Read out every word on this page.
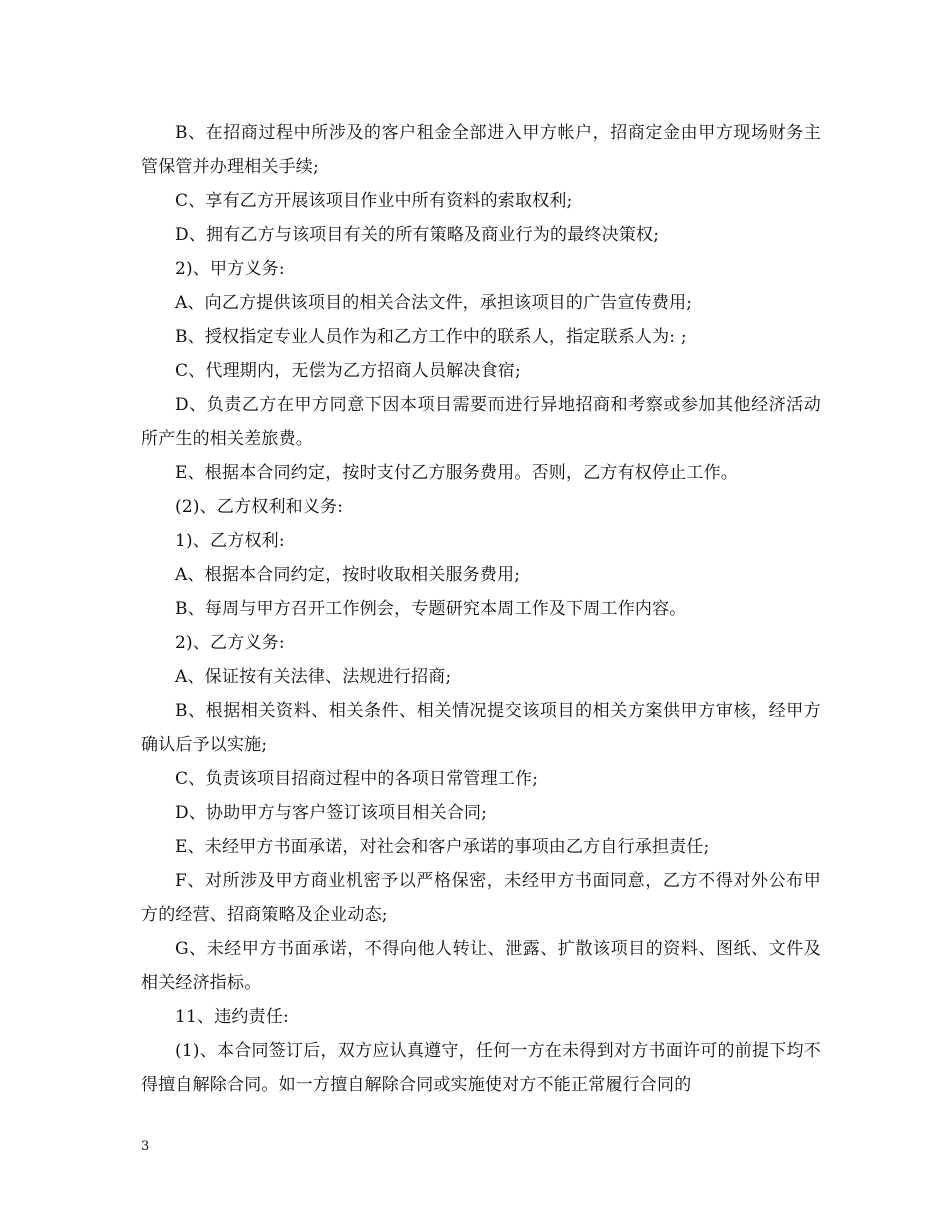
B、在招商过程中所涉及的客户租金全部进入甲方帐户，招商定金由甲方现场财务主管保管并办理相关手续;

C、享有乙方开展该项目作业中所有资料的索取权利;

D、拥有乙方与该项目有关的所有策略及商业行为的最终决策权;

2)、甲方义务:

A、向乙方提供该项目的相关合法文件，承担该项目的广告宣传费用;

B、授权指定专业人员作为和乙方工作中的联系人，指定联系人为: ;

C、代理期内，无偿为乙方招商人员解决食宿;

D、负责乙方在甲方同意下因本项目需要而进行异地招商和考察或参加其他经济活动所产生的相关差旅费。

E、根据本合同约定，按时支付乙方服务费用。否则，乙方有权停止工作。

(2)、乙方权利和义务:

1)、乙方权利:

A、根据本合同约定，按时收取相关服务费用;

B、每周与甲方召开工作例会，专题研究本周工作及下周工作内容。

2)、乙方义务:

A、保证按有关法律、法规进行招商;

B、根据相关资料、相关条件、相关情况提交该项目的相关方案供甲方审核，经甲方确认后予以实施;

C、负责该项目招商过程中的各项日常管理工作;

D、协助甲方与客户签订该项目相关合同;

E、未经甲方书面承诺，对社会和客户承诺的事项由乙方自行承担责任;

F、对所涉及甲方商业机密予以严格保密，未经甲方书面同意，乙方不得对外公布甲方的经营、招商策略及企业动态;

G、未经甲方书面承诺，不得向他人转让、泄露、扩散该项目的资料、图纸、文件及相关经济指标。

11、违约责任:

(1)、本合同签订后，双方应认真遵守，任何一方在未得到对方书面许可的前提下均不得擅自解除合同。如一方擅自解除合同或实施使对方不能正常履行合同的

3
